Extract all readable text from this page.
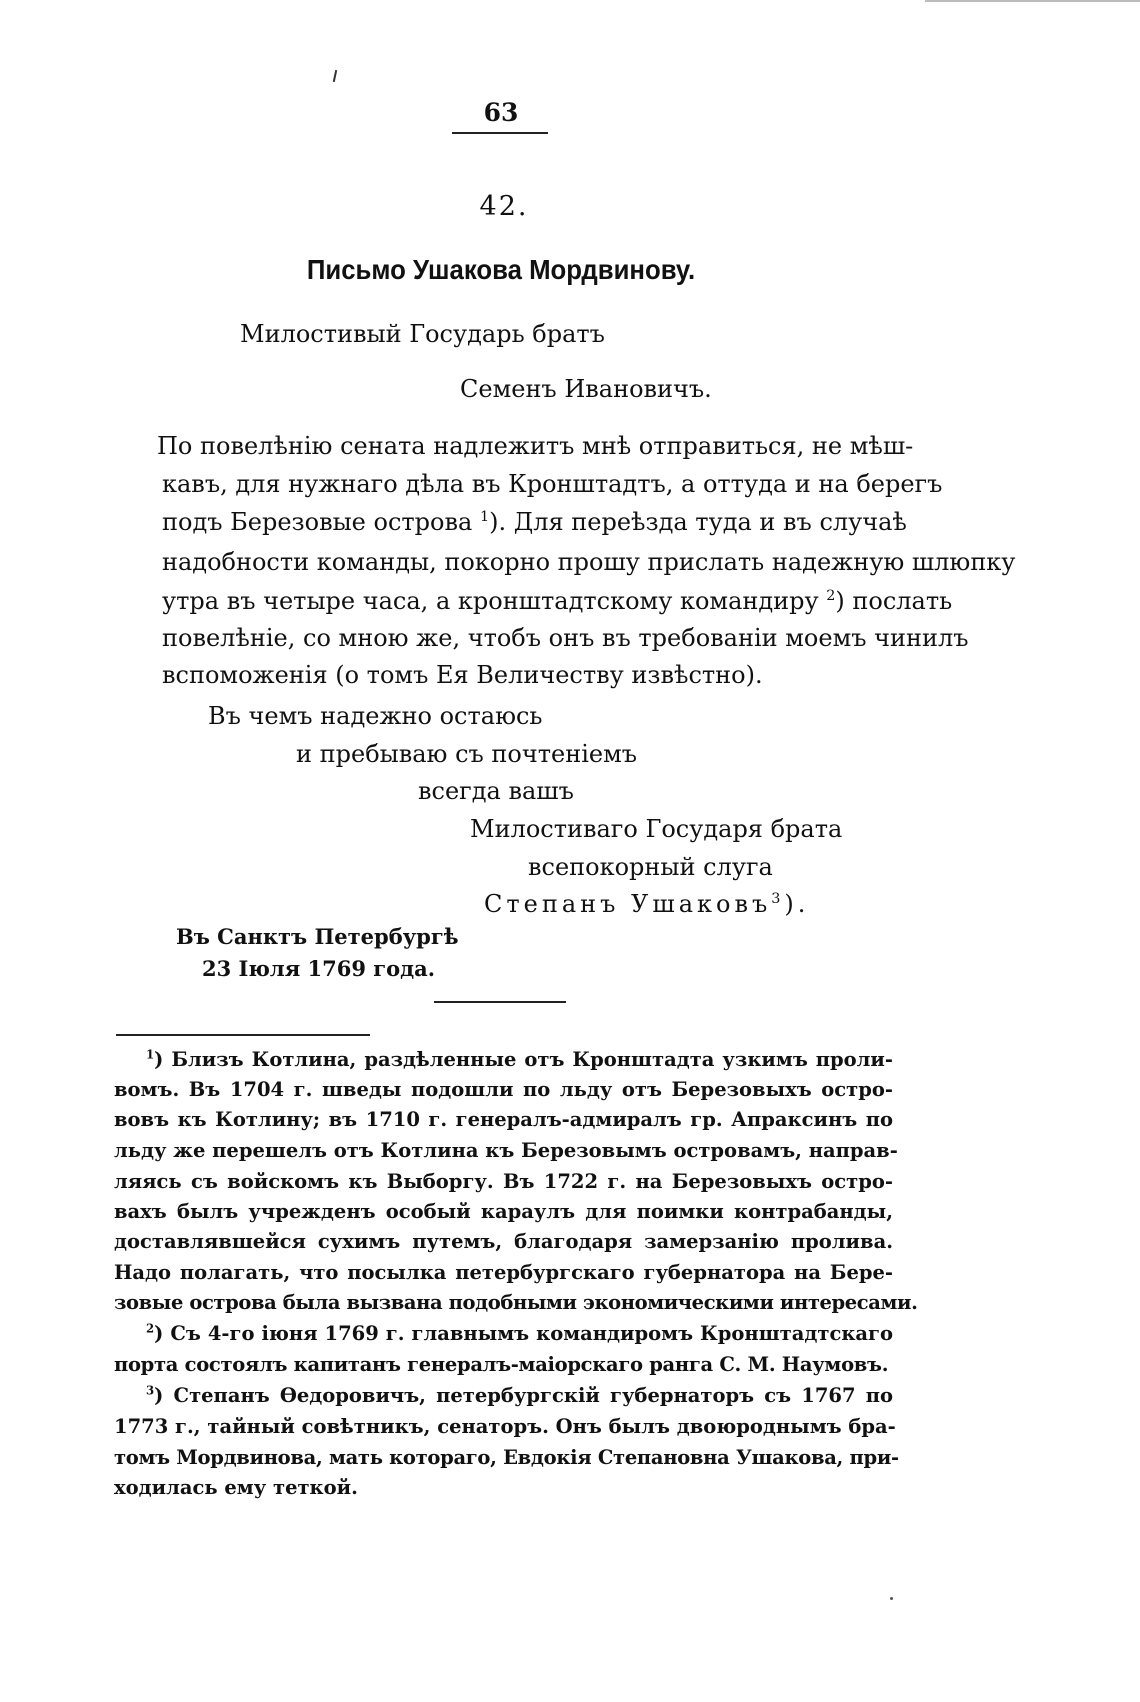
63
42.
Письмо Ушакова Мордвинову.
Милостивый Государь братъ
Семенъ Ивановичъ.
По повелѣнію сената надлежитъ мнѣ отправиться, не мѣш-
кавъ, для нужнаго дѣла въ Кронштадтъ, а оттуда и на берегъ
подъ Березовые острова $^1$). Для переѣзда туда и въ случаѣ
надобности команды, покорно прошу прислать надежную шлюпку
утра въ четыре часа, а кронштадтскому командиру $^2$) послать
повелѣніе, со мною же, чтобъ онъ въ требованіи моемъ чинилъ
вспоможенія (о томъ Ея Величеству извѣстно).
Въ чемъ надежно остаюсь
и пребываю съ почтеніемъ
всегда вашъ
Милостиваго Государя брата
всепокорный слуга
Степанъ Ушаковъ$^3$).
Въ Санктъ Петербургѣ
23 Іюля 1769 года.
$^1$) Близъ Котлина, раздѣленные отъ Кронштадта узкимъ проли-
вомъ. Въ 1704 г. шведы подошли по льду отъ Березовыхъ остро-
вовъ къ Котлину; въ 1710 г. генералъ-адмиралъ гр. Апраксинъ по
льду же перешелъ отъ Котлина къ Березовымъ островамъ, направ-
ляясь съ войскомъ къ Выборгу. Въ 1722 г. на Березовыхъ остро-
вахъ былъ учрежденъ особый караулъ для поимки контрабанды,
доставлявшейся сухимъ путемъ, благодаря замерзанію пролива.
Надо полагать, что посылка петербургскаго губернатора на Бере-
зовые острова была вызвана подобными экономическими интересами.
$^2$) Съ 4-го іюня 1769 г. главнымъ командиромъ Кронштадтскаго
порта состоялъ капитанъ генералъ-маіорскаго ранга С. М. Наумовъ.
$^3$) Степанъ Ѳедоровичъ, петербургскій губернаторъ съ 1767 по
1773 г., тайный совѣтникъ, сенаторъ. Онъ былъ двоюроднымъ бра-
томъ Мордвинова, мать котораго, Евдокія Степановна Ушакова, при-
ходилась ему теткой.
